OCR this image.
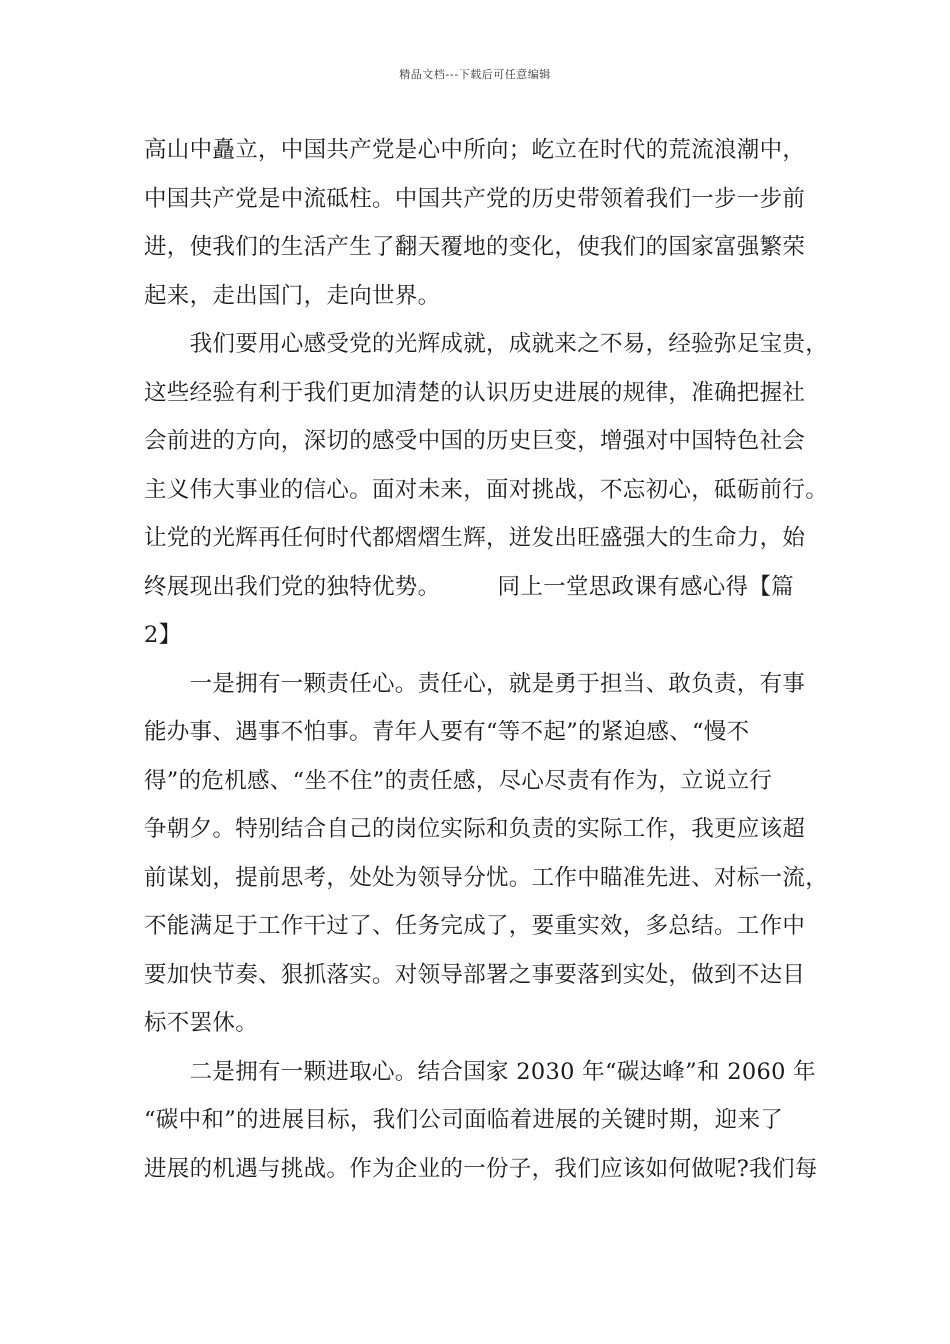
精品文档---下载后可任意编辑
高山中矗立，中国共产党是心中所向；屹立在时代的荒流浪潮中，
中国共产党是中流砥柱。中国共产党的历史带领着我们一步一步前
进，使我们的生活产生了翻天覆地的变化，使我们的国家富强繁荣
起来，走出国门，走向世界。
　　我们要用心感受党的光辉成就，成就来之不易，经验弥足宝贵，
这些经验有利于我们更加清楚的认识历史进展的规律，准确把握社
会前进的方向，深切的感受中国的历史巨变，增强对中国特色社会
主义伟大事业的信心。面对未来，面对挑战，不忘初心，砥砺前行。
让党的光辉再任何时代都熠熠生辉，迸发出旺盛强大的生命力，始
终展现出我们党的独特优势。　　　同上一堂思政课有感心得【篇
2】
　　一是拥有一颗责任心。责任心，就是勇于担当、敢负责，有事
能办事、遇事不怕事。青年人要有“等不起”的紧迫感、“慢不
得”的危机感、“坐不住”的责任感，尽心尽责有作为，立说立行
争朝夕。特别结合自己的岗位实际和负责的实际工作，我更应该超
前谋划，提前思考，处处为领导分忧。工作中瞄准先进、对标一流，
不能满足于工作干过了、任务完成了，要重实效，多总结。工作中
要加快节奏、狠抓落实。对领导部署之事要落到实处，做到不达目
标不罢休。
　　二是拥有一颗进取心。结合国家 2030 年“碳达峰”和 2060 年
“碳中和”的进展目标，我们公司面临着进展的关键时期，迎来了
进展的机遇与挑战。作为企业的一份子，我们应该如何做呢?我们每
